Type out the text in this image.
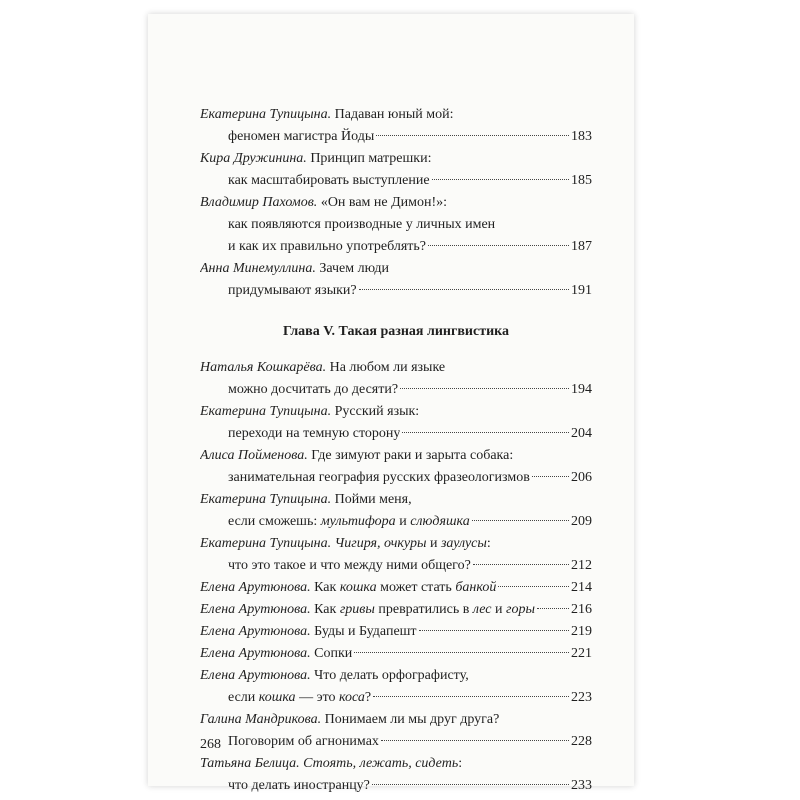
Екатерина Тупицына. Падаван юный мой:
феномен магистра Йоды	183
Кира Дружинина. Принцип матрешки:
как масштабировать выступление	185
Владимир Пахомов. «Он вам не Димон!»:
как появляются производные у личных имен
и как их правильно употреблять?	187
Анна Минемуллина. Зачем люди
придумывают языки?	191
Глава V. Такая разная лингвистика
Наталья Кошкарёва. На любом ли языке
можно досчитать до десяти?	194
Екатерина Тупицына. Русский язык:
переходи на темную сторону	204
Алиса Пойменова. Где зимуют раки и зарыта собака:
занимательная география русских фразеологизмов	206
Екатерина Тупицына. Пойми меня,
если сможешь: мультифора и слюдяшка	209
Екатерина Тупицына. Чигиря, очкуры и заулусы:
что это такое и что между ними общего?	212
Елена Арутюнова. Как кошка может стать банкой	214
Елена Арутюнова. Как гривы превратились в лес и горы	216
Елена Арутюнова. Буды и Будапешт	219
Елена Арутюнова. Сопки	221
Елена Арутюнова. Что делать орфографисту,
если кошка — это коса?	223
Галина Мандрикова. Понимаем ли мы друг друга?
Поговорим об агнонимах	228
Татьяна Белица. Стоять, лежать, сидеть:
что делать иностранцу?	233
268
